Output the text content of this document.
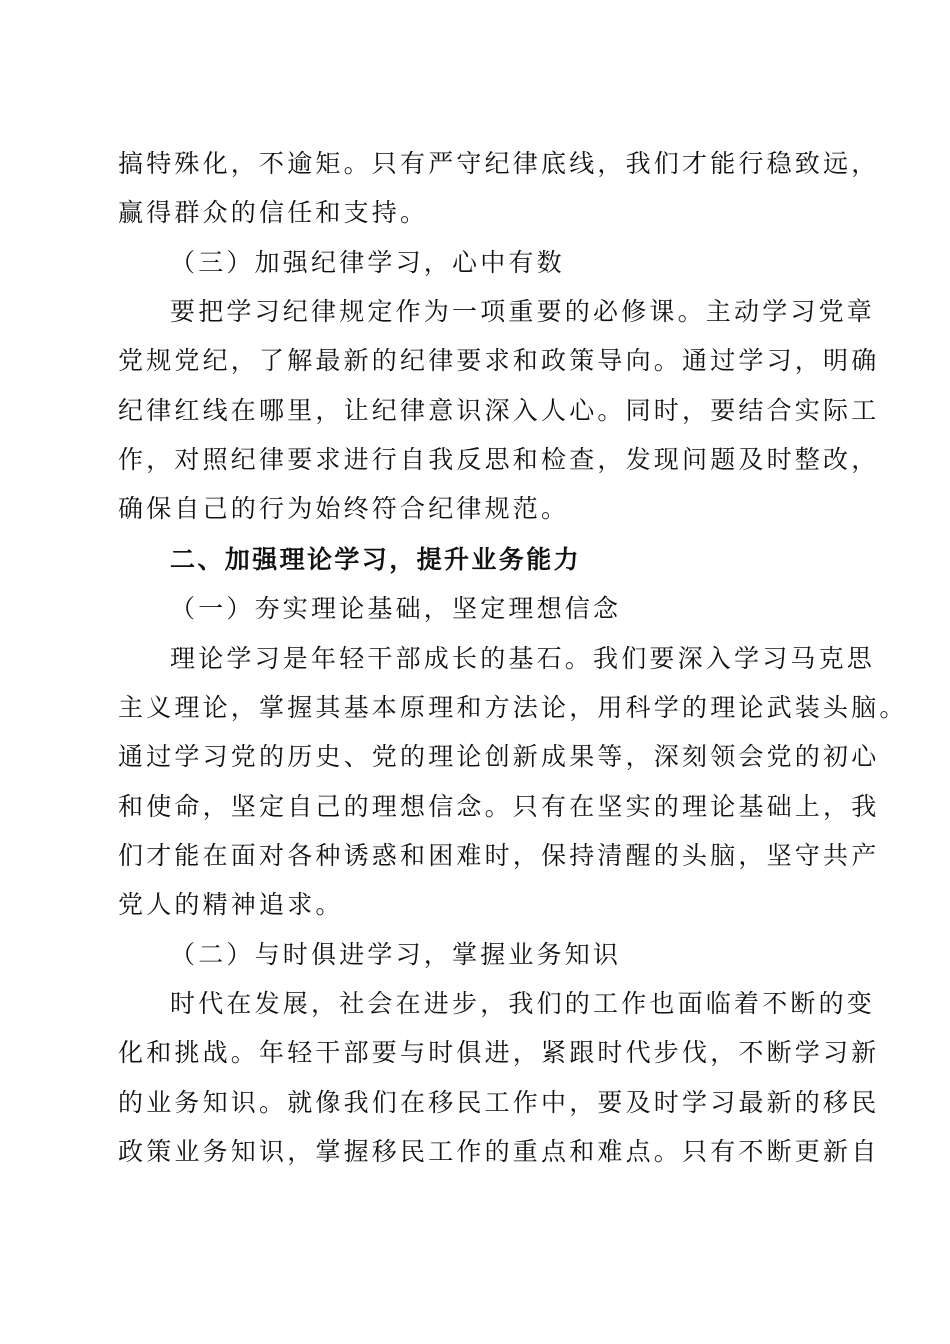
搞特殊化，不逾矩。只有严守纪律底线，我们才能行稳致远，
赢得群众的信任和支持。
（三）加强纪律学习，心中有数
要把学习纪律规定作为一项重要的必修课。主动学习党章
党规党纪，了解最新的纪律要求和政策导向。通过学习，明确
纪律红线在哪里，让纪律意识深入人心。同时，要结合实际工
作，对照纪律要求进行自我反思和检查，发现问题及时整改，
确保自己的行为始终符合纪律规范。
二、加强理论学习，提升业务能力
（一）夯实理论基础，坚定理想信念
理论学习是年轻干部成长的基石。我们要深入学习马克思
主义理论，掌握其基本原理和方法论，用科学的理论武装头脑。
通过学习党的历史、党的理论创新成果等，深刻领会党的初心
和使命，坚定自己的理想信念。只有在坚实的理论基础上，我
们才能在面对各种诱惑和困难时，保持清醒的头脑，坚守共产
党人的精神追求。
（二）与时俱进学习，掌握业务知识
时代在发展，社会在进步，我们的工作也面临着不断的变
化和挑战。年轻干部要与时俱进，紧跟时代步伐，不断学习新
的业务知识。就像我们在移民工作中，要及时学习最新的移民
政策业务知识，掌握移民工作的重点和难点。只有不断更新自
